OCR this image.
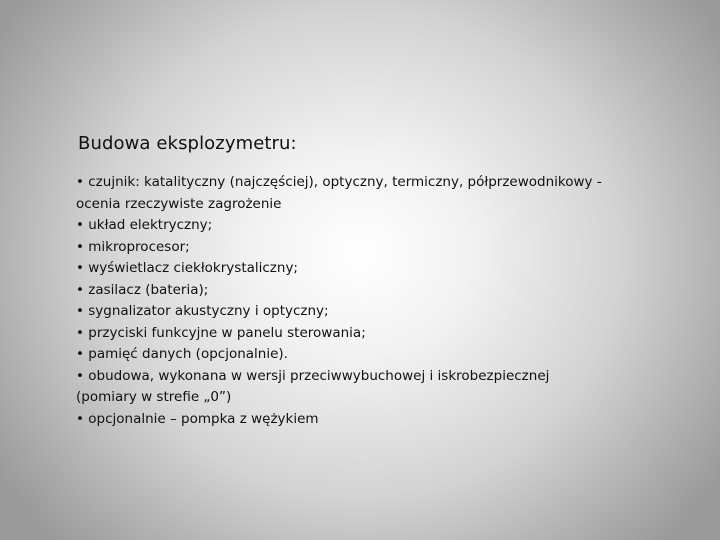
Budowa eksplozymetru:
• czujnik: katalityczny (najczęściej), optyczny, termiczny, półprzewodnikowy -
ocenia rzeczywiste zagrożenie
• układ elektryczny;
• mikroprocesor;
• wyświetlacz ciekłokrystaliczny;
• zasilacz (bateria);
• sygnalizator akustyczny i optyczny;
• przyciski funkcyjne w panelu sterowania;
• pamięć danych (opcjonalnie).
• obudowa, wykonana w wersji przeciwwybuchowej i iskrobezpiecznej
(pomiary w strefie „0”)
• opcjonalnie – pompka z wężykiem
